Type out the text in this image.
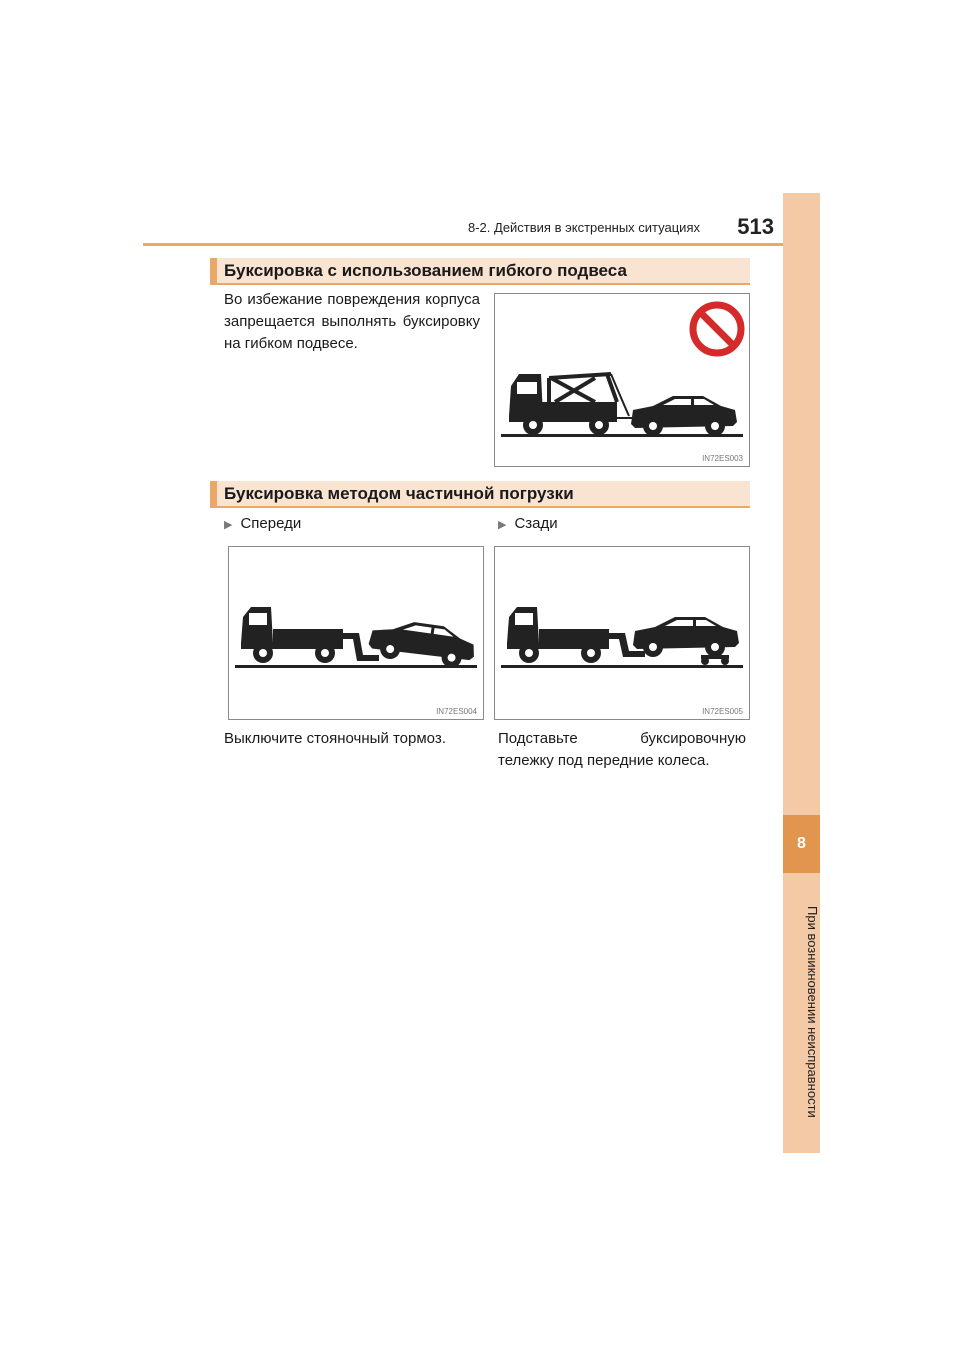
8-2. Действия в экстренных ситуациях	513
8
При возникновении неисправности
Буксировка с использованием гибкого подвеса
Во избежание повреждения корпуса запрещается выполнять буксировку на гибком подвесе.
IN72ES003
Буксировка методом частичной погрузки
▶ Спереди	▶ Сзади
IN72ES004	IN72ES005
Выключите стояночный тормоз.	Подставьте буксировочную тележку под передние колеса.
